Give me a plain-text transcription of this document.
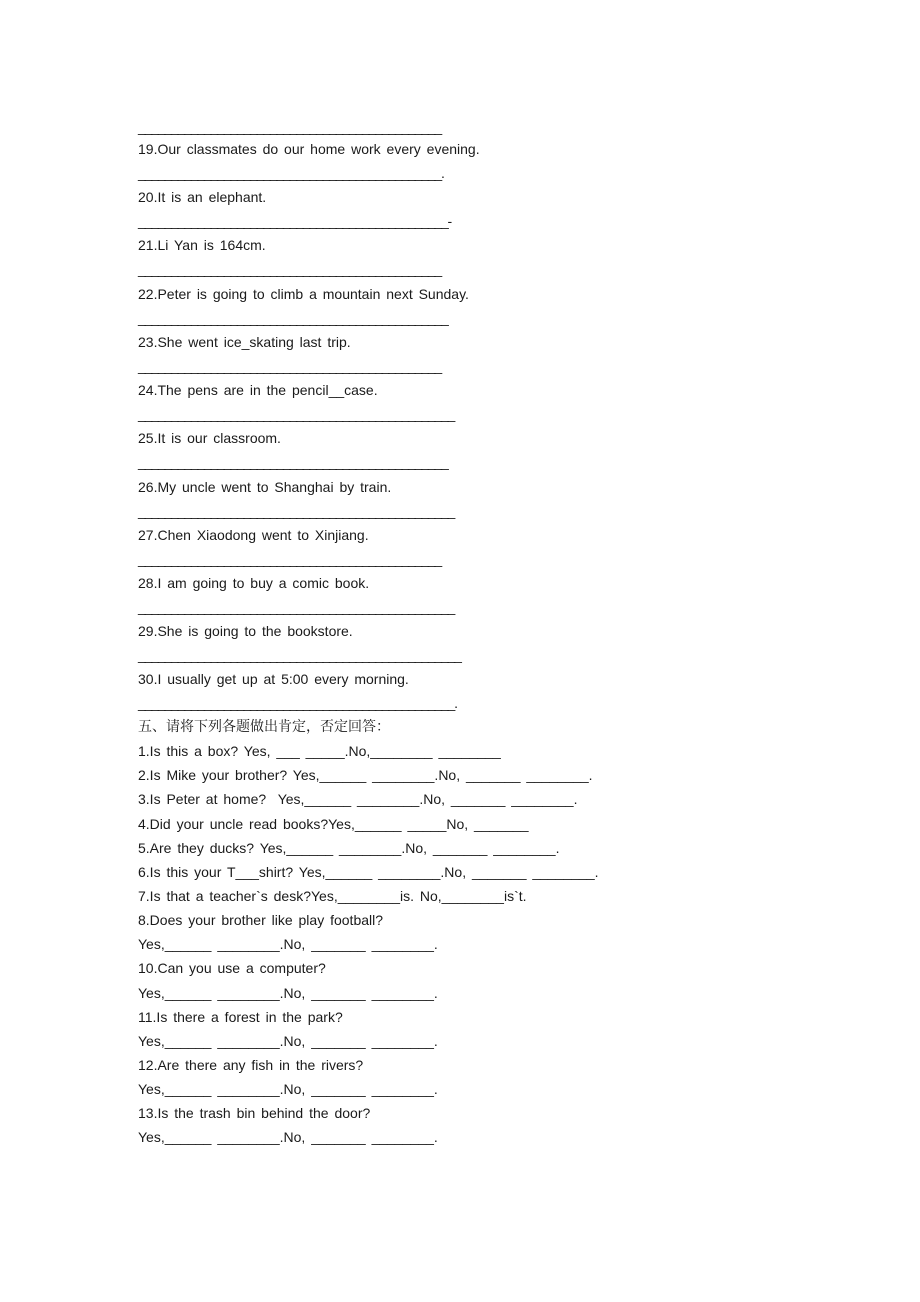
______________________________________________
19.Our classmates do our home work every evening.
______________________________________________.
20.It is an elephant.
_______________________________________________-
21.Li Yan is 164cm.
______________________________________________
22.Peter is going to climb a mountain next Sunday.
_______________________________________________
23.She went ice_skating last trip.
______________________________________________
24.The pens are in the pencil__case.
________________________________________________
25.It is our classroom.
_______________________________________________
26.My uncle went to Shanghai by train.
________________________________________________
27.Chen Xiaodong went to Xinjiang.
______________________________________________
28.I am going to buy a comic book.
________________________________________________
29.She is going to the bookstore.
_________________________________________________
30.I usually get up at 5:00 every morning.
________________________________________________.
五、请将下列各题做出肯定，否定回答：
1.Is this a box? Yes, ___ _____.No,________ ________
2.Is Mike your brother? Yes,______ ________.No, _______ ________.
3.Is Peter at home?  Yes,______ ________.No, _______ ________.
4.Did your uncle read books?Yes,______ _____No, _______
5.Are they ducks? Yes,______ ________.No, _______ ________.
6.Is this your T___shirt? Yes,______ ________.No, _______ ________.
7.Is that a teacher`s desk?Yes,________is. No,________is`t.
8.Does your brother like play football?
Yes,______ ________.No, _______ ________.
10.Can you use a computer?
Yes,______ ________.No, _______ ________.
11.Is there a forest in the park?
Yes,______ ________.No, _______ ________.
12.Are there any fish in the rivers?
Yes,______ ________.No, _______ ________.
13.Is the trash bin behind the door?
Yes,______ ________.No, _______ ________.
